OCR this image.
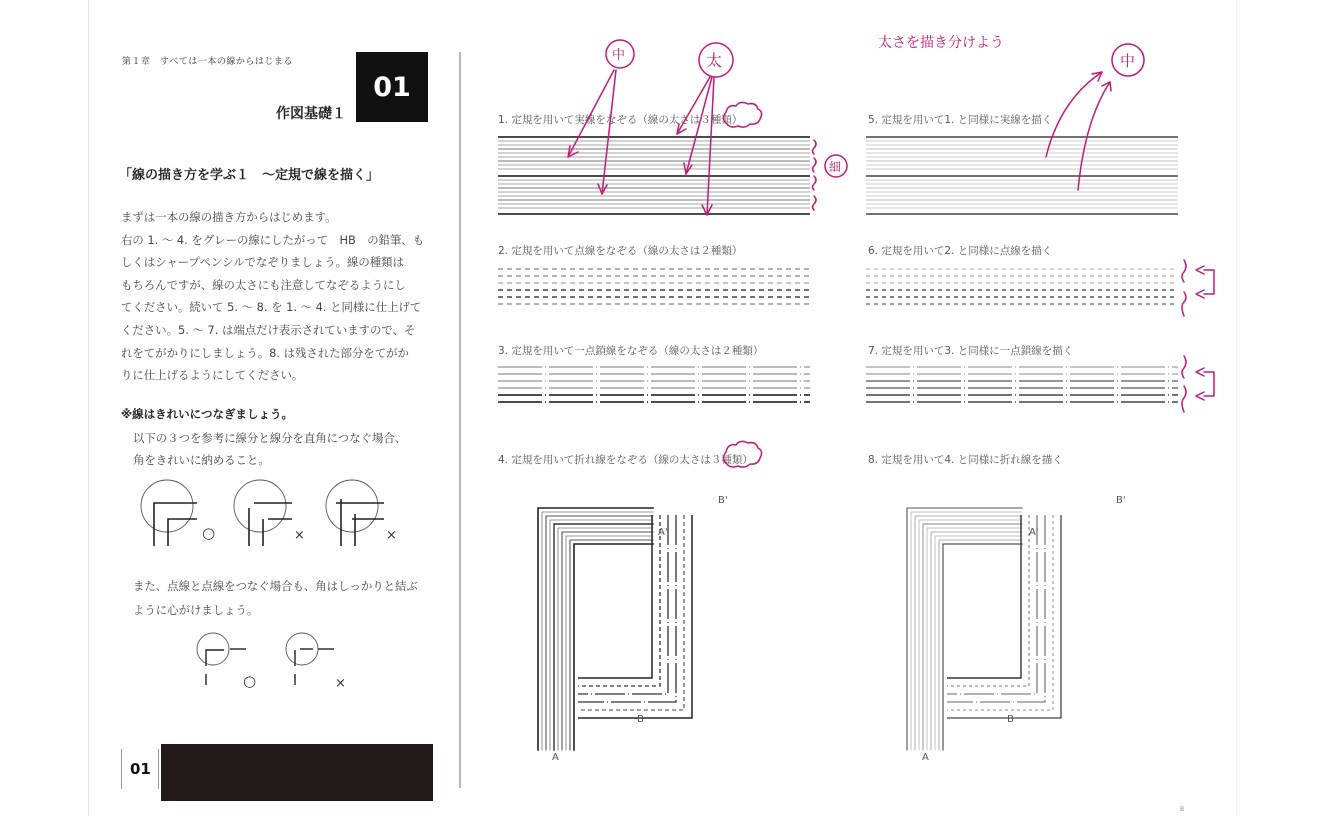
第１章　すべては一本の線からはじまる
01
作図基礎１
「線の描き方を学ぶ１　～定規で線を描く」

まずは一本の線の描き方からはじめます。

右の 1. ～ 4. をグレーの線にしたがって　HB　の鉛筆、も

しくはシャープペンシルでなぞりましょう。線の種類は

もちろんですが、線の太さにも注意してなぞるようにし

てください。続いて 5. ～ 8. を 1. ～ 4. と同様に仕上げて

ください。5. ～ 7. は端点だけ表示されていますので、そ

れをてがかりにしましょう。8. は残された部分をてがか

りに仕上げるようにしてください。

※線はきれいにつなぎましょう。

以下の３つを参考に線分と線分を直角につなぐ場合、

角をきれいに納めること。

○	×	×

また、点線と点線をつなぐ場合も、角はしっかりと結ぶ

ように心がけましょう。

○	×
01
1. 定規を用いて実線をなぞる（線の太さは３種類）
2. 定規を用いて点線をなぞる（線の太さは２種類）
3. 定規を用いて一点鎖線をなぞる（線の太さは２種類）
4. 定規を用いて折れ線をなぞる（線の太さは３種類）
5. 定規を用いて1. と同様に実線を描く
6. 定規を用いて2. と同様に点線を描く
7. 定規を用いて3. と同様に一点鎖線を描く
8. 定規を用いて4. と同様に折れ線を描く
A'
B'
A
B
A'
B'
A
B
B
中	太
細
中
太さを描き分けよう
